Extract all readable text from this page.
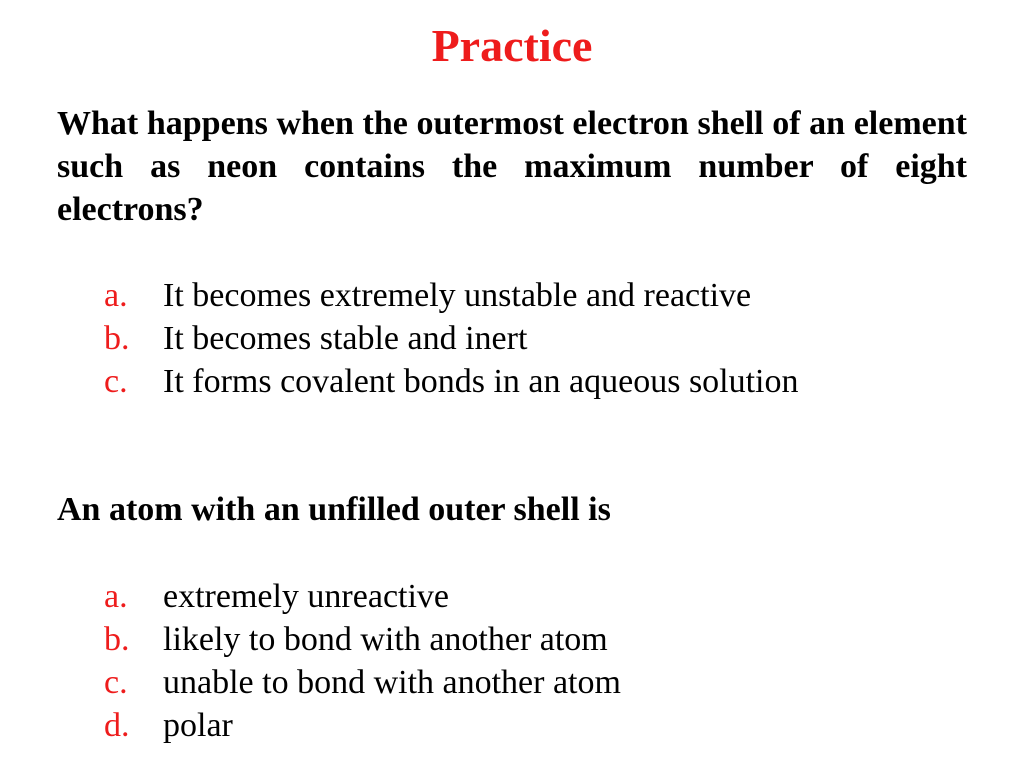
Practice

What happens when the outermost electron shell of an element such as neon contains the maximum number of eight electrons?

a.	It becomes extremely unstable and reactive
b. It becomes stable and inert
c.	It forms covalent bonds in an aqueous solution

An atom with an unfilled outer shell is

a.	extremely unreactive
b. likely to bond with another atom
c.	unable to bond with another atom
d. polar
